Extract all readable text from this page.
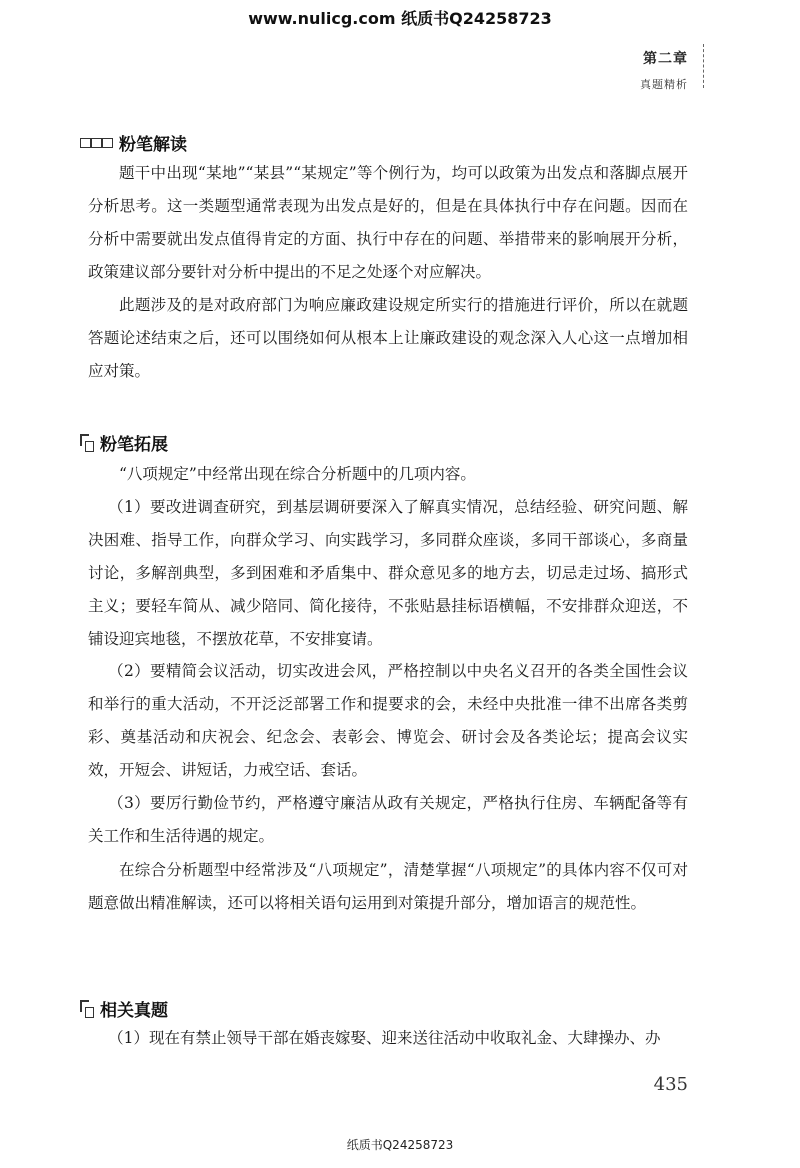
www.nulicg.com 纸质书Q24258723
第二章
真题精析
粉笔解读

题干中出现“某地”“某县”“某规定”等个例行为，均可以政策为出发点和落脚点展开分析思考。这一类题型通常表现为出发点是好的，但是在具体执行中存在问题。因而在分析中需要就出发点值得肯定的方面、执行中存在的问题、举措带来的影响展开分析，政策建议部分要针对分析中提出的不足之处逐个对应解决。

此题涉及的是对政府部门为响应廉政建设规定所实行的措施进行评价，所以在就题答题论述结束之后，还可以围绕如何从根本上让廉政建设的观念深入人心这一点增加相应对策。

粉笔拓展

“八项规定”中经常出现在综合分析题中的几项内容。

（1）要改进调查研究，到基层调研要深入了解真实情况，总结经验、研究问题、解决困难、指导工作，向群众学习、向实践学习，多同群众座谈，多同干部谈心，多商量讨论，多解剖典型，多到困难和矛盾集中、群众意见多的地方去，切忌走过场、搞形式主义；要轻车简从、减少陪同、简化接待，不张贴悬挂标语横幅，不安排群众迎送，不铺设迎宾地毯，不摆放花草，不安排宴请。

（2）要精简会议活动，切实改进会风，严格控制以中央名义召开的各类全国性会议和举行的重大活动，不开泛泛部署工作和提要求的会，未经中央批准一律不出席各类剪彩、奠基活动和庆祝会、纪念会、表彰会、博览会、研讨会及各类论坛；提高会议实效，开短会、讲短话，力戒空话、套话。

（3）要厉行勤俭节约，严格遵守廉洁从政有关规定，严格执行住房、车辆配备等有关工作和生活待遇的规定。

在综合分析题型中经常涉及“八项规定”，清楚掌握“八项规定”的具体内容不仅可对题意做出精准解读，还可以将相关语句运用到对策提升部分，增加语言的规范性。

相关真题

（1）现在有禁止领导干部在婚丧嫁娶、迎来送往活动中收取礼金、大肆操办、办

435
纸质书Q24258723
